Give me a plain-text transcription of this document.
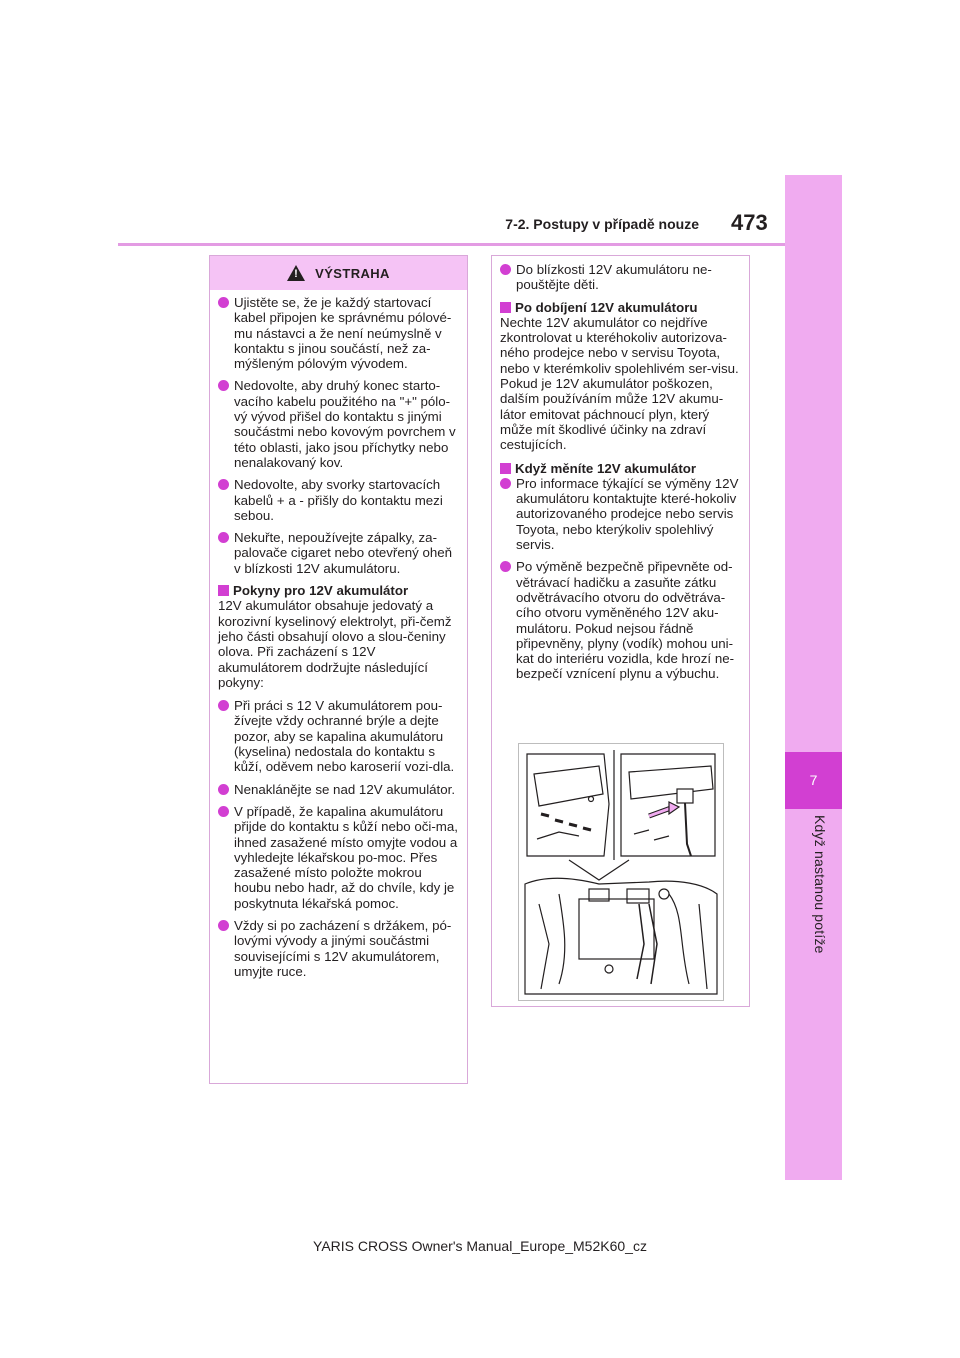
7
Když nastanou potíže
7-2. Postupy v případě nouze 473
! VÝSTRAHA
Ujistěte se, že je každý startovací kabel připojen ke správnému pólové-mu nástavci a že není neúmyslně v kontaktu s jinou součástí, než za-mýšleným pólovým vývodem.
Nedovolte, aby druhý konec starto-vacího kabelu použitého na "+" pólo-vý vývod přišel do kontaktu s jinými součástmi nebo kovovým povrchem v této oblasti, jako jsou příchytky nebo nenalakovaný kov.
Nedovolte, aby svorky startovacích kabelů + a - přišly do kontaktu mezi sebou.
Nekuřte, nepoužívejte zápalky, za-palovače cigaret nebo otevřený oheň v blízkosti 12V akumulátoru.
Pokyny pro 12V akumulátor
12V akumulátor obsahuje jedovatý a korozivní kyselinový elektrolyt, při-čemž jeho části obsahují olovo a slou-čeniny olova. Při zacházení s 12V akumulátorem dodržujte následující pokyny:
Při práci s 12 V akumulátorem pou-žívejte vždy ochranné brýle a dejte pozor, aby se kapalina akumulátoru (kyselina) nedostala do kontaktu s kůží, oděvem nebo karoserií vozi-dla.
Nenaklánějte se nad 12V akumulátor.
V případě, že kapalina akumulátoru přijde do kontaktu s kůží nebo oči-ma, ihned zasažené místo omyjte vodou a vyhledejte lékařskou po-moc. Přes zasažené místo položte mokrou houbu nebo hadr, až do chvíle, kdy je poskytnuta lékařská pomoc.
Vždy si po zacházení s držákem, pó-lovými vývody a jinými součástmi souvisejícími s 12V akumulátorem, umyjte ruce.
Do blízkosti 12V akumulátoru ne-pouštějte děti.
Po dobíjení 12V akumulátoru
Nechte 12V akumulátor co nejdříve zkontrolovat u kteréhokoliv autorizova-ného prodejce nebo v servisu Toyota, nebo v kterémkoliv spolehlivém ser-visu.
Pokud je 12V akumulátor poškozen, dalším používáním může 12V akumu-látor emitovat páchnoucí plyn, který může mít škodlivé účinky na zdraví cestujících.
Když měníte 12V akumulátor
Pro informace týkající se výměny 12V akumulátoru kontaktujte které-hokoliv autorizovaného prodejce nebo servis Toyota, nebo kterýkoliv spolehlivý servis.
Po výměně bezpečně připevněte od-větrávací hadičku a zasuňte zátku odvětrávacího otvoru do odvětráva-cího otvoru vyměněného 12V aku-mulátoru. Pokud nejsou řádně připevněny, plyny (vodík) mohou uni-kat do interiéru vozidla, kde hrozí ne-bezpečí vznícení plynu a výbuchu.
YARIS CROSS Owner's Manual_Europe_M52K60_cz
